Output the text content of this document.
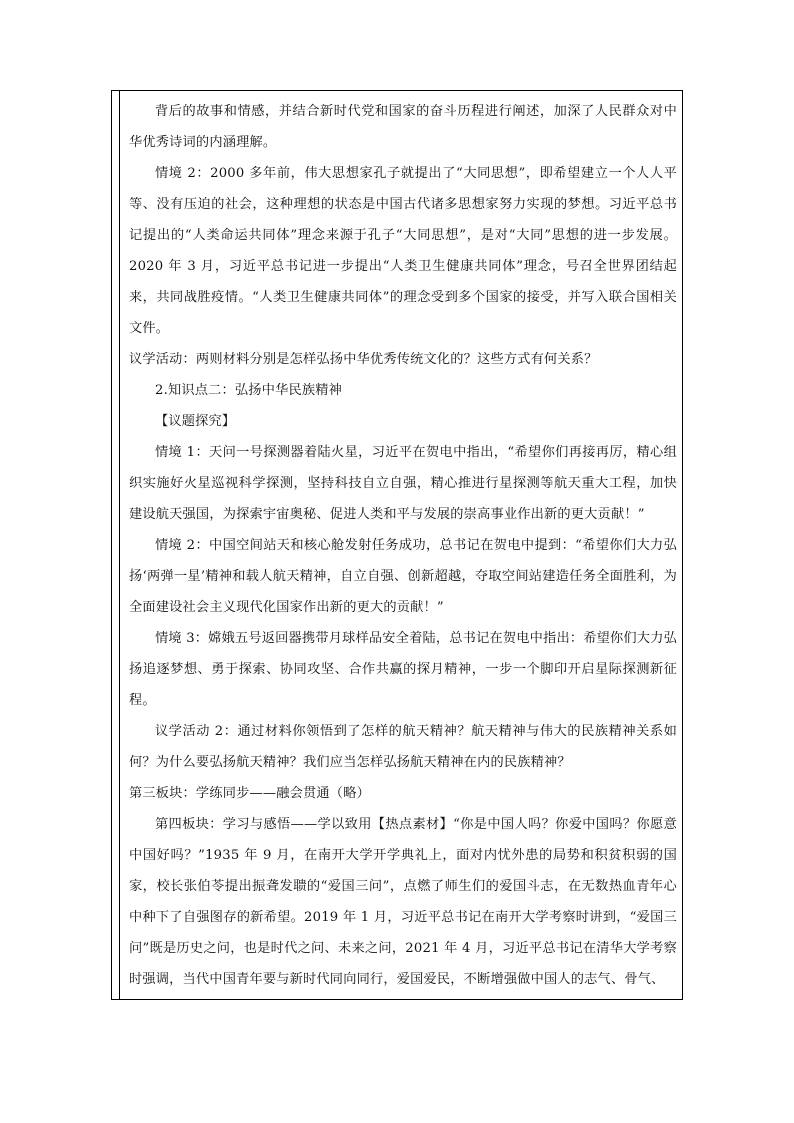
背后的故事和情感，并结合新时代党和国家的奋斗历程进行阐述，加深了人民群众对中华优秀诗词的内涵理解。

情境 2：2000 多年前，伟大思想家孔子就提出了“大同思想”，即希望建立一个人人平等、没有压迫的社会，这种理想的状态是中国古代诸多思想家努力实现的梦想。习近平总书记提出的“人类命运共同体”理念来源于孔子“大同思想”，是对“大同”思想的进一步发展。2020 年 3 月，习近平总书记进一步提出“人类卫生健康共同体”理念，号召全世界团结起来，共同战胜疫情。“人类卫生健康共同体”的理念受到多个国家的接受，并写入联合国相关文件。

议学活动：两则材料分别是怎样弘扬中华优秀传统文化的？这些方式有何关系？

2.知识点二：弘扬中华民族精神

【议题探究】

情境 1：天问一号探测器着陆火星，习近平在贺电中指出，“希望你们再接再厉，精心组织实施好火星巡视科学探测，坚持科技自立自强，精心推进行星探测等航天重大工程，加快建设航天强国，为探索宇宙奥秘、促进人类和平与发展的崇高事业作出新的更大贡献！”

情境 2：中国空间站天和核心舱发射任务成功，总书记在贺电中提到：“希望你们大力弘扬‘两弹一星’精神和载人航天精神，自立自强、创新超越，夺取空间站建造任务全面胜利，为全面建设社会主义现代化国家作出新的更大的贡献！”

情境 3：嫦娥五号返回器携带月球样品安全着陆，总书记在贺电中指出：希望你们大力弘扬追逐梦想、勇于探索、协同攻坚、合作共赢的探月精神，一步一个脚印开启星际探测新征程。

议学活动 2：通过材料你领悟到了怎样的航天精神？航天精神与伟大的民族精神关系如何？为什么要弘扬航天精神？我们应当怎样弘扬航天精神在内的民族精神？

第三板块：学练同步——融会贯通（略）

第四板块：学习与感悟——学以致用【热点素材】“你是中国人吗？你爱中国吗？你愿意中国好吗？”1935 年 9 月，在南开大学开学典礼上，面对内忧外患的局势和积贫积弱的国家，校长张伯苓提出振聋发聩的“爱国三问”，点燃了师生们的爱国斗志，在无数热血青年心中种下了自强图存的新希望。2019 年 1 月，习近平总书记在南开大学考察时讲到，“爱国三问”既是历史之问，也是时代之问、未来之问，2021 年 4 月，习近平总书记在清华大学考察时强调，当代中国青年要与新时代同向同行，爱国爱民，不断增强做中国人的志气、骨气、
